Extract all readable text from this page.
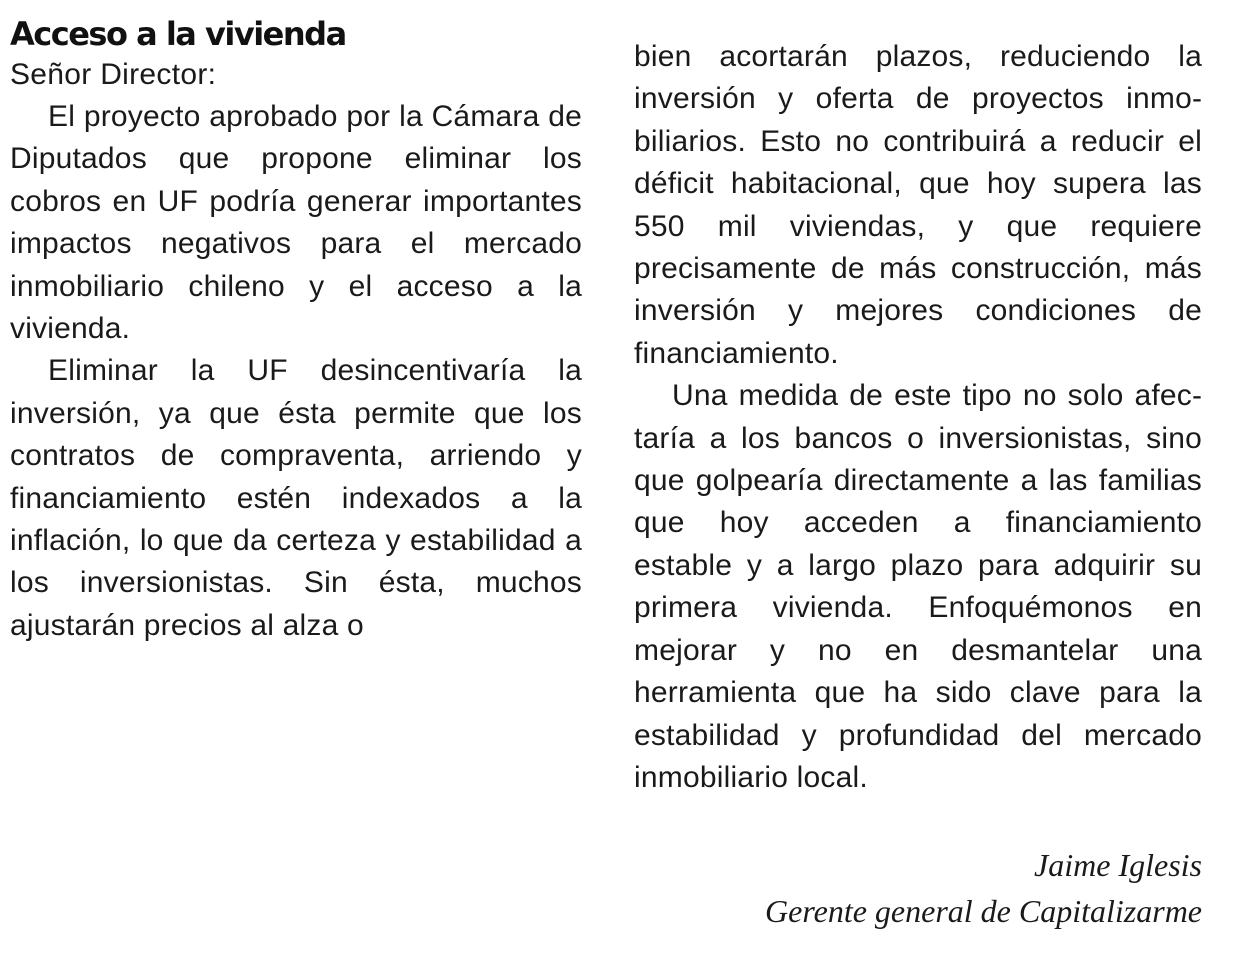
Acceso a la vivienda

Señor Director:

El proyecto aprobado por la Cámara de Diputados que propone eliminar los cobros en UF podría generar importantes impactos negativos para el mercado inmobiliario chileno y el acceso a la vivienda.

Eliminar la UF desincentivaría la inversión, ya que ésta permite que los contratos de compraventa, arriendo y financiamiento estén indexados a la inflación, lo que da certeza y estabilidad a los inversionistas. Sin ésta, muchos ajustarán precios al alza o

bien acortarán plazos, reduciendo la inversión y oferta de proyectos inmobiliarios. Esto no contribuirá a reducir el déficit habitacional, que hoy supera las 550 mil viviendas, y que requiere precisamente de más construcción, más inversión y mejores condiciones de financiamiento.

Una medida de este tipo no solo afectaría a los bancos o inversionistas, sino que golpearía directamente a las familias que hoy acceden a financiamiento estable y a largo plazo para adquirir su primera vivienda. Enfoquémonos en mejorar y no en desmantelar una herramienta que ha sido clave para la estabilidad y profundidad del mercado inmobiliario local.

Jaime Iglesis
Gerente general de Capitalizarme
